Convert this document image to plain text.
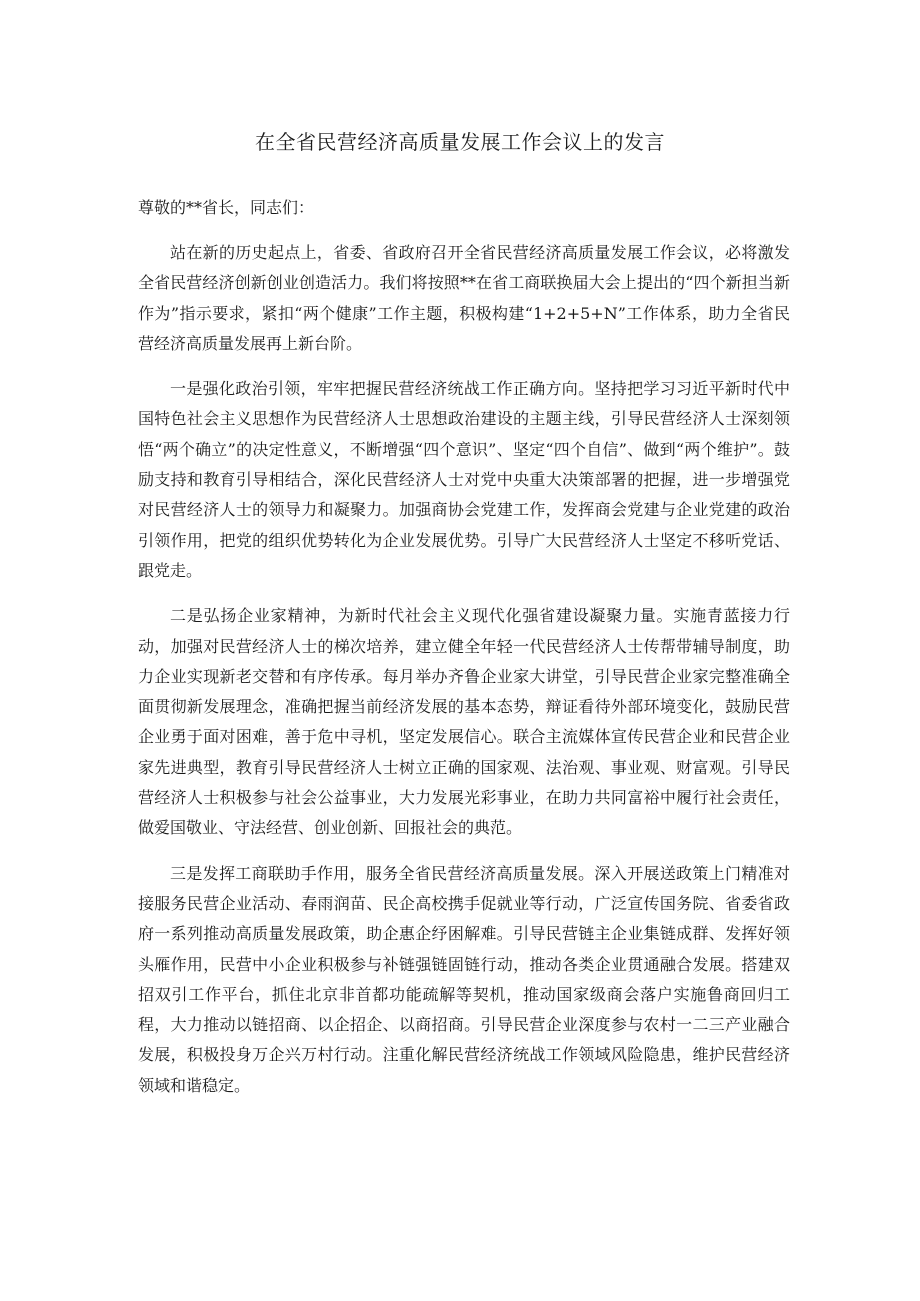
在全省民营经济高质量发展工作会议上的发言

尊敬的**省长，同志们：

站在新的历史起点上，省委、省政府召开全省民营经济高质量发展工作会议，必将激发全省民营经济创新创业创造活力。我们将按照**在省工商联换届大会上提出的“四个新担当新作为”指示要求，紧扣“两个健康”工作主题，积极构建“1+2+5+N”工作体系，助力全省民营经济高质量发展再上新台阶。

一是强化政治引领，牢牢把握民营经济统战工作正确方向。坚持把学习习近平新时代中国特色社会主义思想作为民营经济人士思想政治建设的主题主线，引导民营经济人士深刻领悟“两个确立”的决定性意义，不断增强“四个意识”、坚定“四个自信”、做到“两个维护”。鼓励支持和教育引导相结合，深化民营经济人士对党中央重大决策部署的把握，进一步增强党对民营经济人士的领导力和凝聚力。加强商协会党建工作，发挥商会党建与企业党建的政治引领作用，把党的组织优势转化为企业发展优势。引导广大民营经济人士坚定不移听党话、跟党走。

二是弘扬企业家精神，为新时代社会主义现代化强省建设凝聚力量。实施青蓝接力行动，加强对民营经济人士的梯次培养，建立健全年轻一代民营经济人士传帮带辅导制度，助力企业实现新老交替和有序传承。每月举办齐鲁企业家大讲堂，引导民营企业家完整准确全面贯彻新发展理念，准确把握当前经济发展的基本态势，辩证看待外部环境变化，鼓励民营企业勇于面对困难，善于危中寻机，坚定发展信心。联合主流媒体宣传民营企业和民营企业家先进典型，教育引导民营经济人士树立正确的国家观、法治观、事业观、财富观。引导民营经济人士积极参与社会公益事业，大力发展光彩事业，在助力共同富裕中履行社会责任，做爱国敬业、守法经营、创业创新、回报社会的典范。

三是发挥工商联助手作用，服务全省民营经济高质量发展。深入开展送政策上门精准对接服务民营企业活动、春雨润苗、民企高校携手促就业等行动，广泛宣传国务院、省委省政府一系列推动高质量发展政策，助企惠企纾困解难。引导民营链主企业集链成群、发挥好领头雁作用，民营中小企业积极参与补链强链固链行动，推动各类企业贯通融合发展。搭建双招双引工作平台，抓住北京非首都功能疏解等契机，推动国家级商会落户实施鲁商回归工程，大力推动以链招商、以企招企、以商招商。引导民营企业深度参与农村一二三产业融合发展，积极投身万企兴万村行动。注重化解民营经济统战工作领域风险隐患，维护民营经济领域和谐稳定。
